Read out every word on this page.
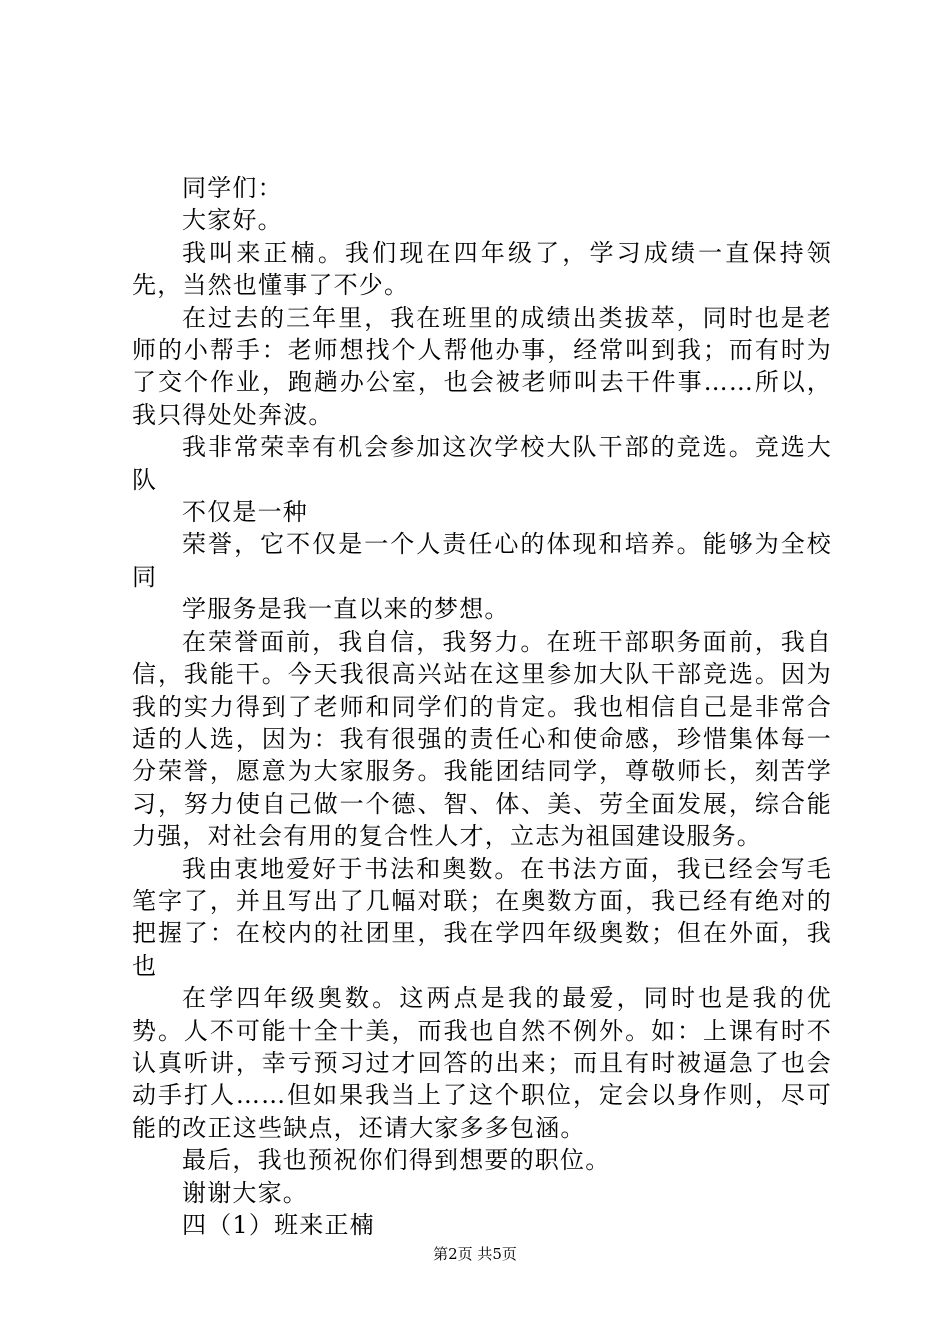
同学们：

大家好。

我叫来正楠。我们现在四年级了，学习成绩一直保持领先，当然也懂事了不少。

在过去的三年里，我在班里的成绩出类拔萃，同时也是老师的小帮手：老师想找个人帮他办事，经常叫到我；而有时为了交个作业，跑趟办公室，也会被老师叫去干件事……所以，我只得处处奔波。

我非常荣幸有机会参加这次学校大队干部的竞选。竞选大队

不仅是一种

荣誉，它不仅是一个人责任心的体现和培养。能够为全校同

学服务是我一直以来的梦想。

在荣誉面前，我自信，我努力。在班干部职务面前，我自信，我能干。今天我很高兴站在这里参加大队干部竞选。因为我的实力得到了老师和同学们的肯定。我也相信自己是非常合适的人选，因为：我有很强的责任心和使命感，珍惜集体每一分荣誉，愿意为大家服务。我能团结同学，尊敬师长，刻苦学习，努力使自己做一个德、智、体、美、劳全面发展，综合能力强，对社会有用的复合性人才，立志为祖国建设服务。

我由衷地爱好于书法和奥数。在书法方面，我已经会写毛笔字了，并且写出了几幅对联；在奥数方面，我已经有绝对的把握了：在校内的社团里，我在学四年级奥数；但在外面，我也

在学四年级奥数。这两点是我的最爱，同时也是我的优势。人不可能十全十美，而我也自然不例外。如：上课有时不认真听讲，幸亏预习过才回答的出来；而且有时被逼急了也会动手打人……但如果我当上了这个职位，定会以身作则，尽可能的改正这些缺点，还请大家多多包涵。

最后，我也预祝你们得到想要的职位。

谢谢大家。

四（1）班来正楠

第2页 共5页
